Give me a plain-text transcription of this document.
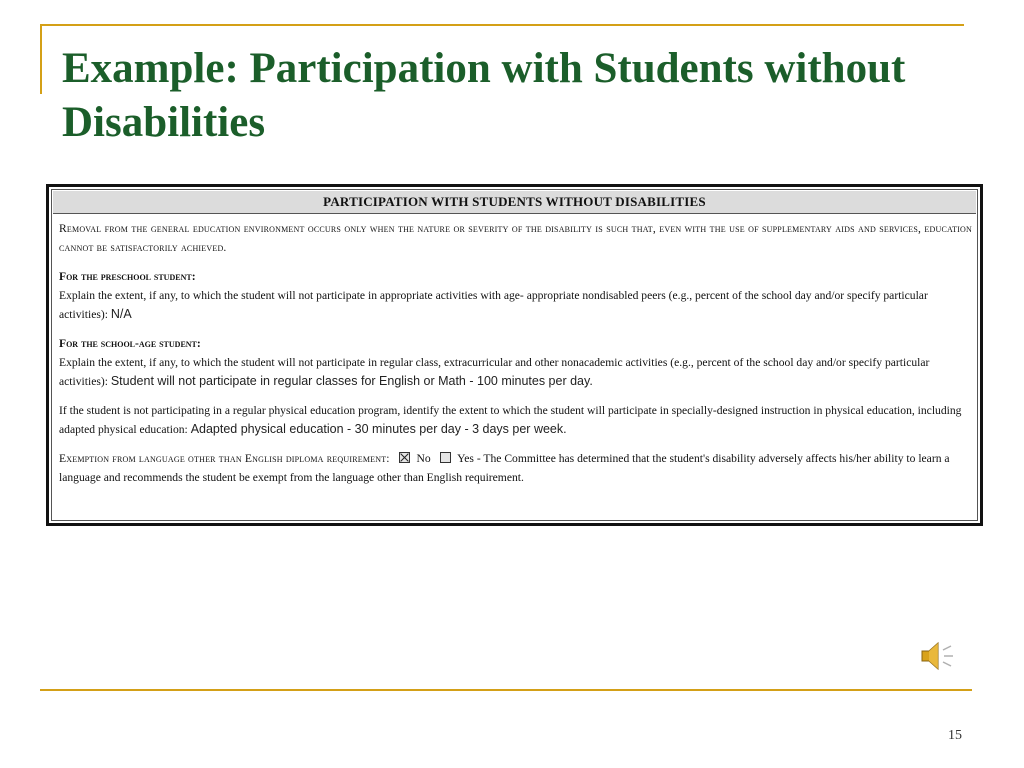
Example: Participation with Students without Disabilities
PARTICIPATION WITH STUDENTS WITHOUT DISABILITIES
Removal from the general education environment occurs only when the nature or severity of the disability is such that, even with the use of supplementary aids and services, education cannot be satisfactorily achieved.
For the preschool student:
Explain the extent, if any, to which the student will not participate in appropriate activities with age- appropriate nondisabled peers (e.g., percent of the school day and/or specify particular activities): N/A
For the school-age student:
Explain the extent, if any, to which the student will not participate in regular class, extracurricular and other nonacademic activities (e.g., percent of the school day and/or specify particular activities): Student will not participate in regular classes for English or Math - 100 minutes per day.
If the student is not participating in a regular physical education program, identify the extent to which the student will participate in specially-designed instruction in physical education, including adapted physical education: Adapted physical education - 30 minutes per day - 3 days per week.
Exemption from language other than English diploma requirement: No Yes - The Committee has determined that the student's disability adversely affects his/her ability to learn a language and recommends the student be exempt from the language other than English requirement.
15
